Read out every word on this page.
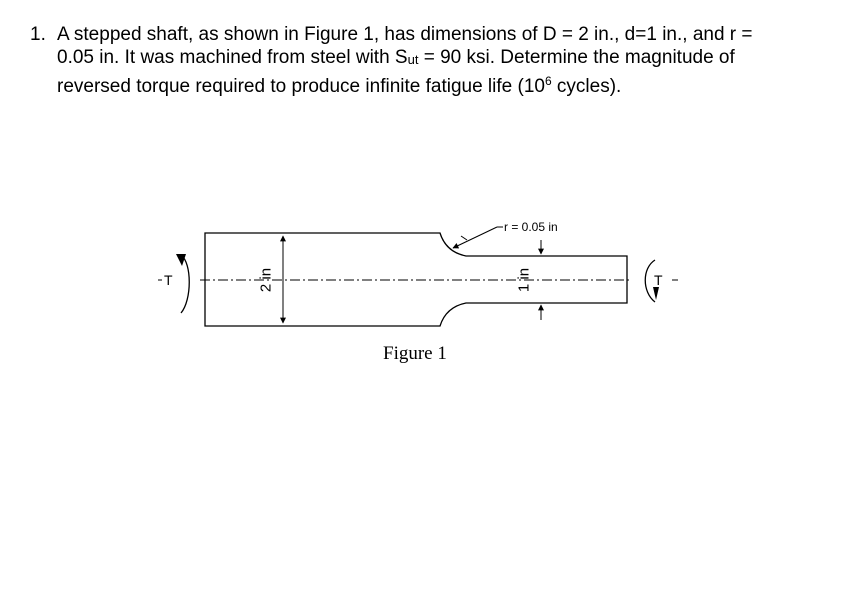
1. A stepped shaft, as shown in Figure 1, has dimensions of D = 2 in., d=1 in., and r =
0.05 in. It was machined from steel with $S_{ut} = 90$ ksi. Determine the magnitude of
reversed torque required to produce infinite fatigue life ($10^6$ cycles).
2 in	1 in
r = 0.05 in
T	T
Figure 1
